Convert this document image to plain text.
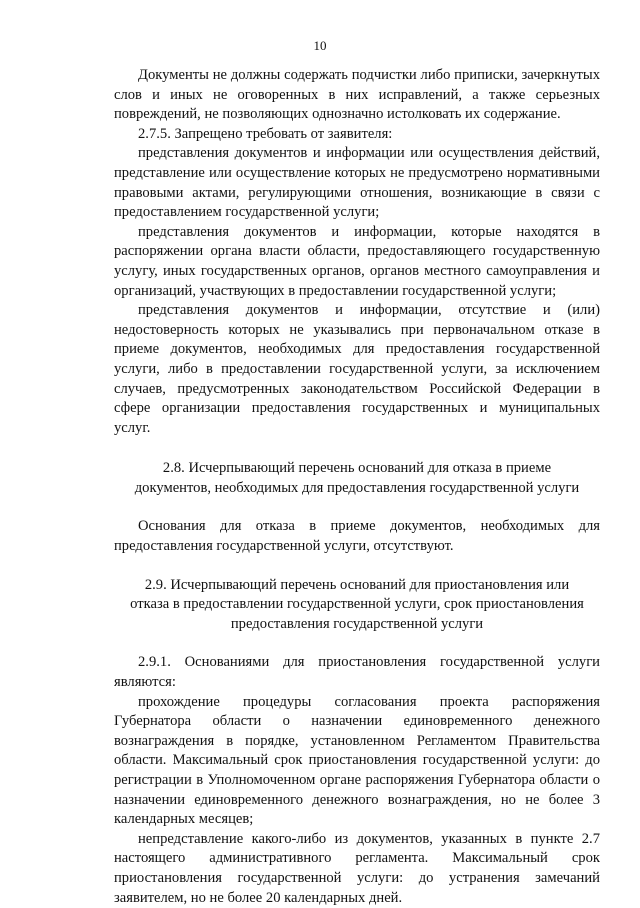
10

Документы не должны содержать подчистки либо приписки, зачеркнутых слов и иных не оговоренных в них исправлений, а также серьезных повреждений, не позволяющих однозначно истолковать их содержание.

2.7.5. Запрещено требовать от заявителя:

представления документов и информации или осуществления действий, представление или осуществление которых не предусмотрено нормативными правовыми актами, регулирующими отношения, возникающие в связи с предоставлением государственной услуги;

представления документов и информации, которые находятся в распоряжении органа власти области, предоставляющего государственную услугу, иных государственных органов, органов местного самоуправления и организаций, участвующих в предоставлении государственной услуги;

представления документов и информации, отсутствие и (или) недостоверность которых не указывались при первоначальном отказе в приеме документов, необходимых для предоставления государственной услуги, либо в предоставлении государственной услуги, за исключением случаев, предусмотренных законодательством Российской Федерации в сфере организации предоставления государственных и муниципальных услуг.

2.8. Исчерпывающий перечень оснований для отказа в приеме
документов, необходимых для предоставления государственной услуги

Основания для отказа в приеме документов, необходимых для предоставления государственной услуги, отсутствуют.

2.9. Исчерпывающий перечень оснований для приостановления или
отказа в предоставлении государственной услуги, срок приостановления
предоставления государственной услуги

2.9.1. Основаниями для приостановления государственной услуги являются:

прохождение процедуры согласования проекта распоряжения Губернатора области о назначении единовременного денежного вознаграждения в порядке, установленном Регламентом Правительства области. Максимальный срок приостановления государственной услуги: до регистрации в Уполномоченном органе распоряжения Губернатора области о назначении единовременного денежного вознаграждения, но не более 3 календарных месяцев;

непредставление какого-либо из документов, указанных в пункте 2.7 настоящего административного регламента. Максимальный срок приостановления государственной услуги: до устранения замечаний заявителем, но не более 20 календарных дней.
